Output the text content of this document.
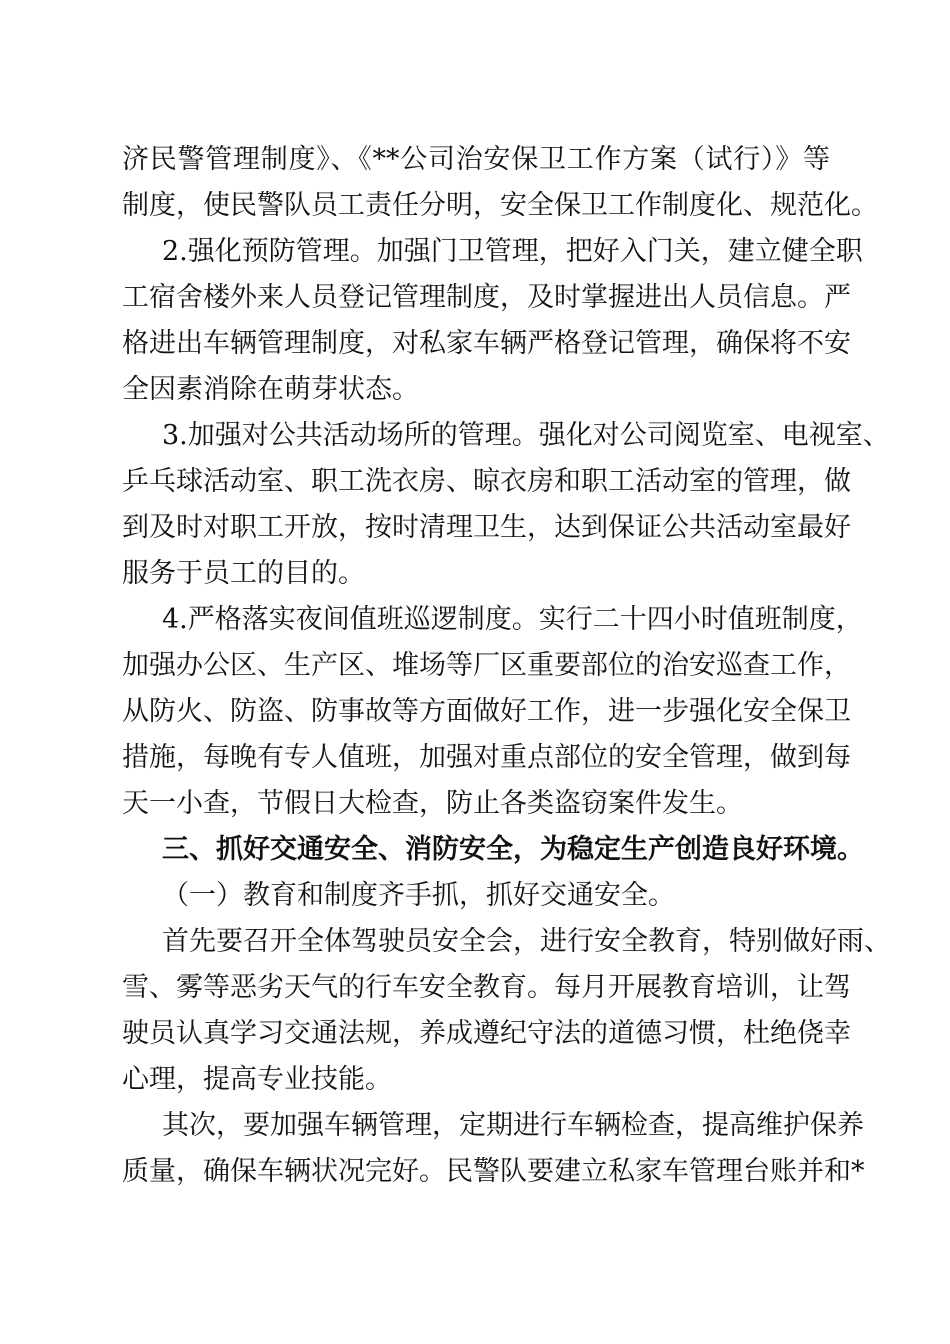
济民警管理制度》、《**公司治安保卫工作方案（试行）》等
制度，使民警队员工责任分明，安全保卫工作制度化、规范化。
2.强化预防管理。加强门卫管理，把好入门关，建立健全职
工宿舍楼外来人员登记管理制度，及时掌握进出人员信息。严
格进出车辆管理制度，对私家车辆严格登记管理，确保将不安
全因素消除在萌芽状态。
3.加强对公共活动场所的管理。强化对公司阅览室、电视室、
乒乓球活动室、职工洗衣房、晾衣房和职工活动室的管理，做
到及时对职工开放，按时清理卫生，达到保证公共活动室最好
服务于员工的目的。
4.严格落实夜间值班巡逻制度。实行二十四小时值班制度，
加强办公区、生产区、堆场等厂区重要部位的治安巡查工作，
从防火、防盗、防事故等方面做好工作，进一步强化安全保卫
措施，每晚有专人值班，加强对重点部位的安全管理，做到每
天一小查，节假日大检查，防止各类盗窃案件发生。
三、抓好交通安全、消防安全，为稳定生产创造良好环境。
（一）教育和制度齐手抓，抓好交通安全。
首先要召开全体驾驶员安全会，进行安全教育，特别做好雨、
雪、雾等恶劣天气的行车安全教育。每月开展教育培训，让驾
驶员认真学习交通法规，养成遵纪守法的道德习惯，杜绝侥幸
心理，提高专业技能。
其次，要加强车辆管理，定期进行车辆检查，提高维护保养
质量，确保车辆状况完好。民警队要建立私家车管理台账并和*
